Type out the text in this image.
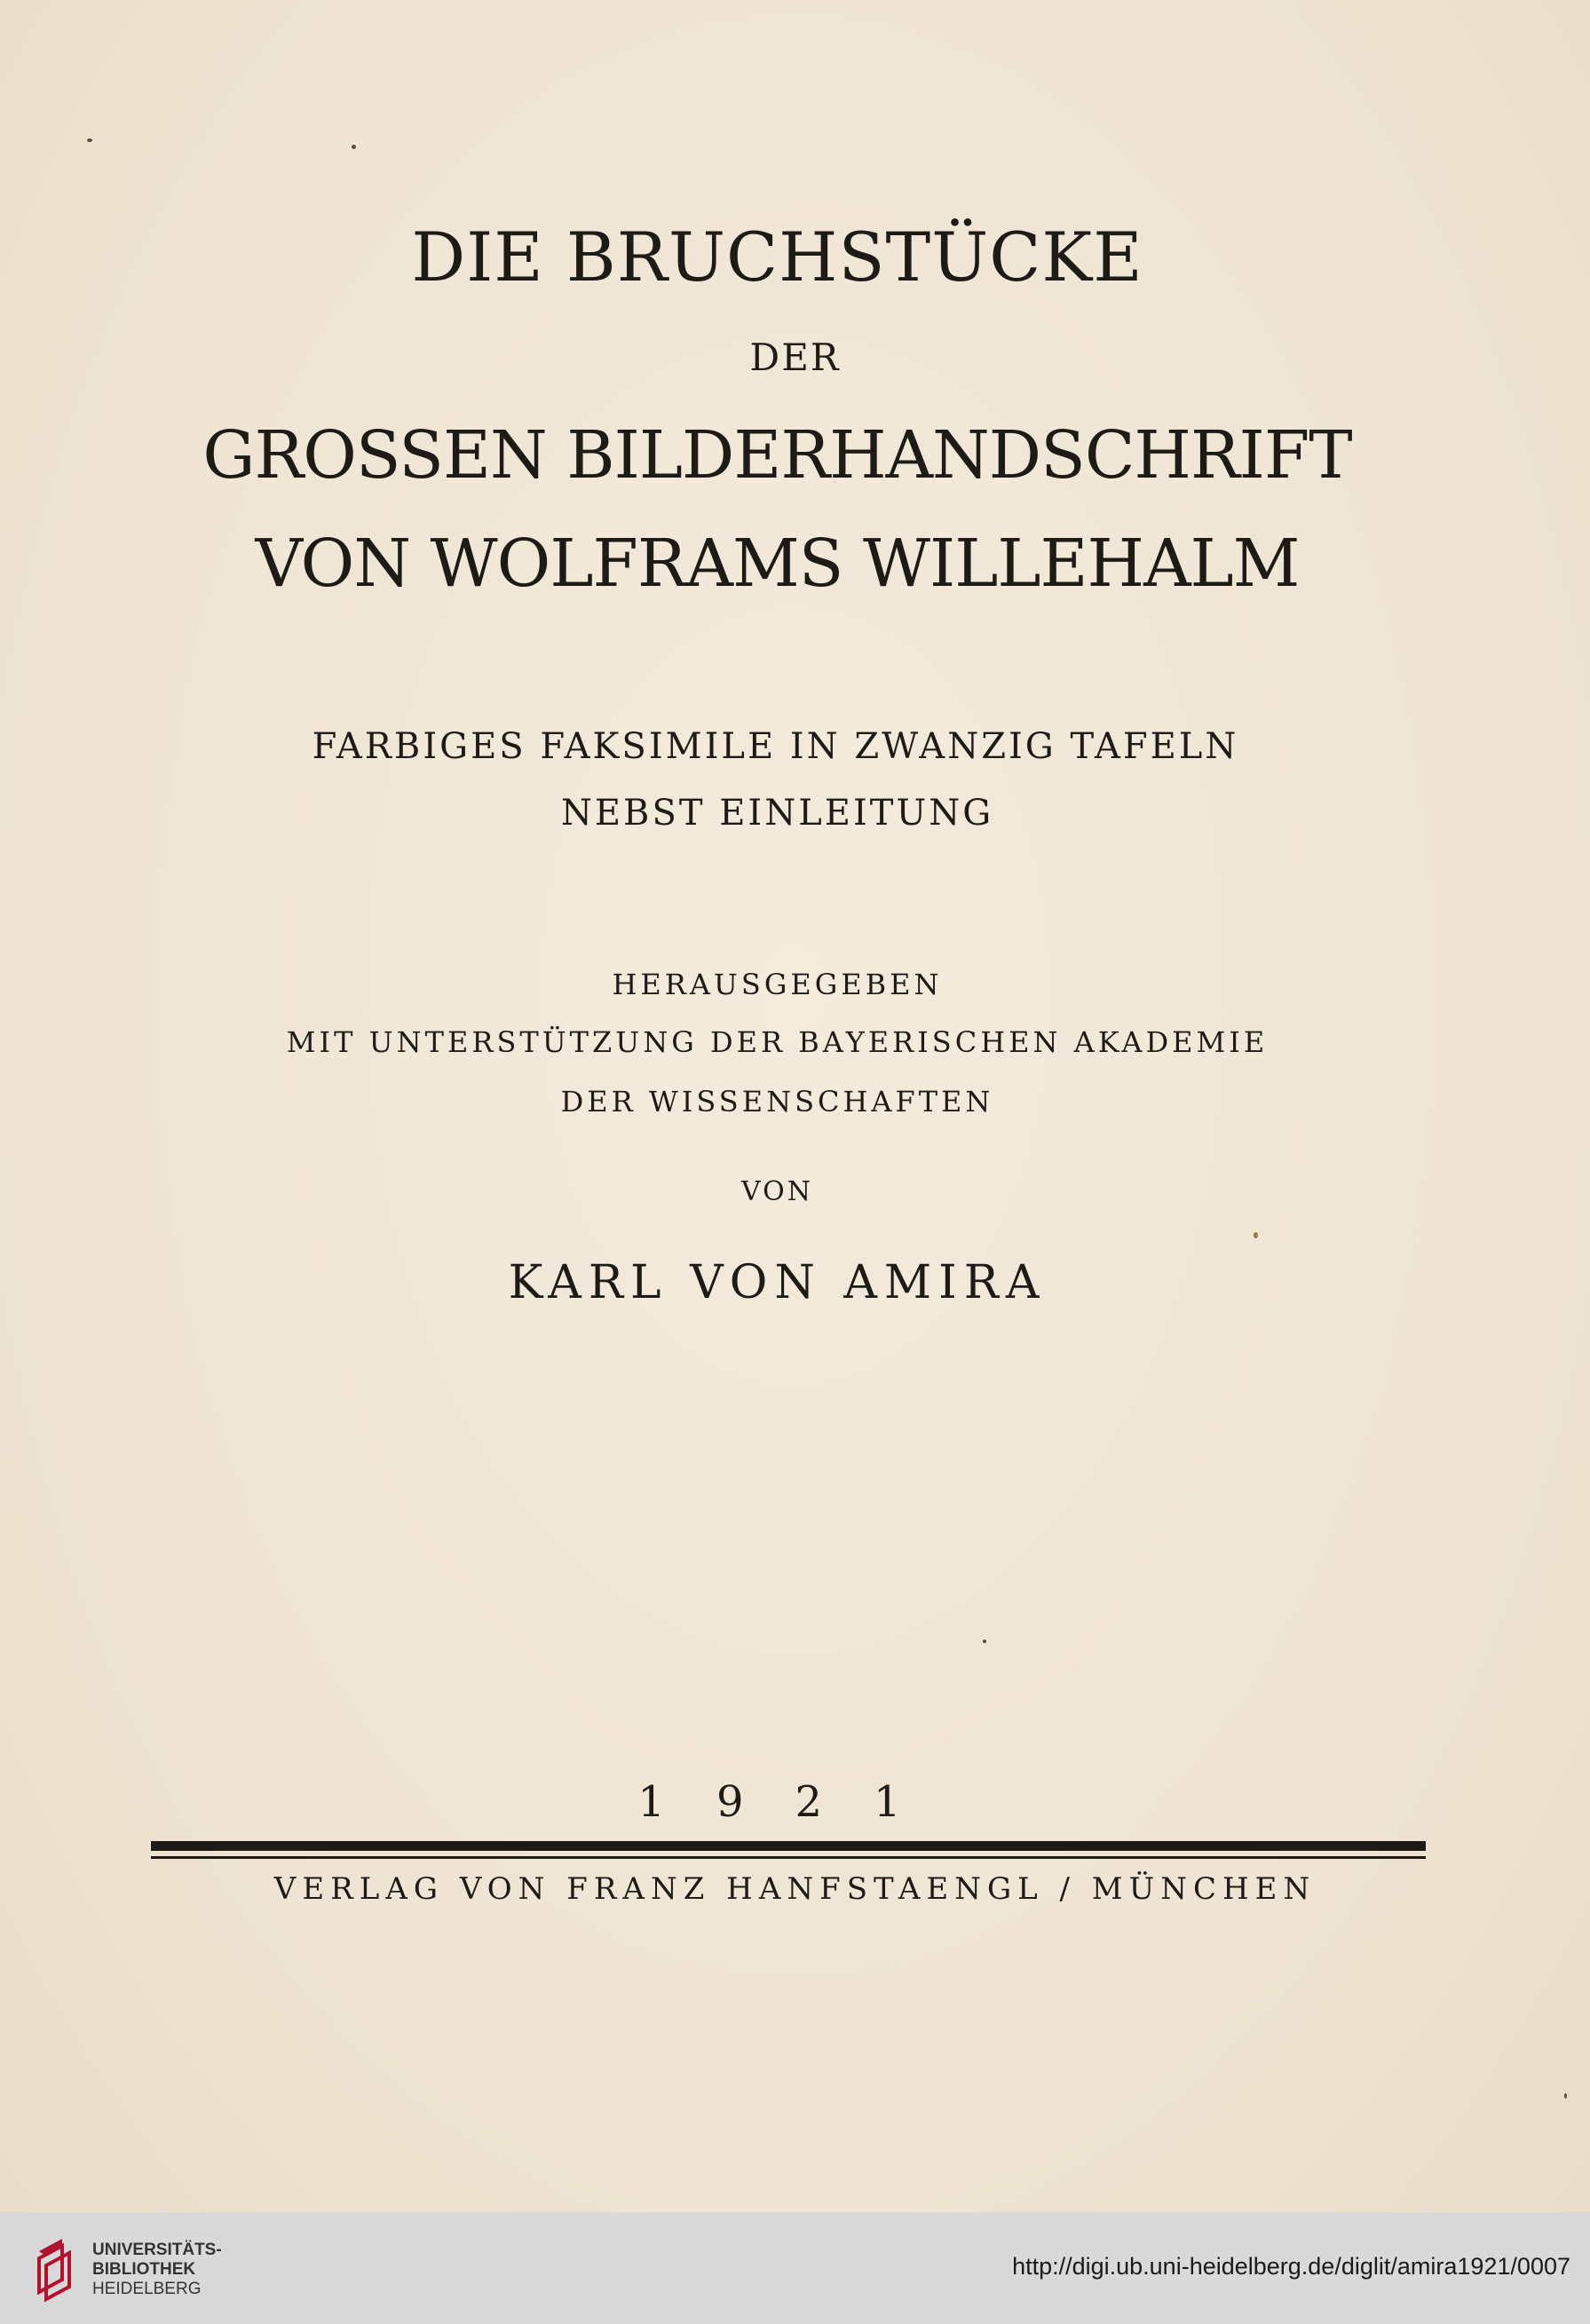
DIE BRUCHSTÜCKE
DER
GROSSEN BILDERHANDSCHRIFT
VON WOLFRAMS WILLEHALM
FARBIGES FAKSIMILE IN ZWANZIG TAFELN
NEBST EINLEITUNG
HERAUSGEGEBEN
MIT UNTERSTÜTZUNG DER BAYERISCHEN AKADEMIE
DER WISSENSCHAFTEN
VON
KARL VON AMIRA
1921
VERLAG VON FRANZ HANFSTAENGL / MÜNCHEN
UNIVERSITÄTS-
BIBLIOTHEK
HEIDELBERG
http://digi.ub.uni-heidelberg.de/diglit/amira1921/0007
